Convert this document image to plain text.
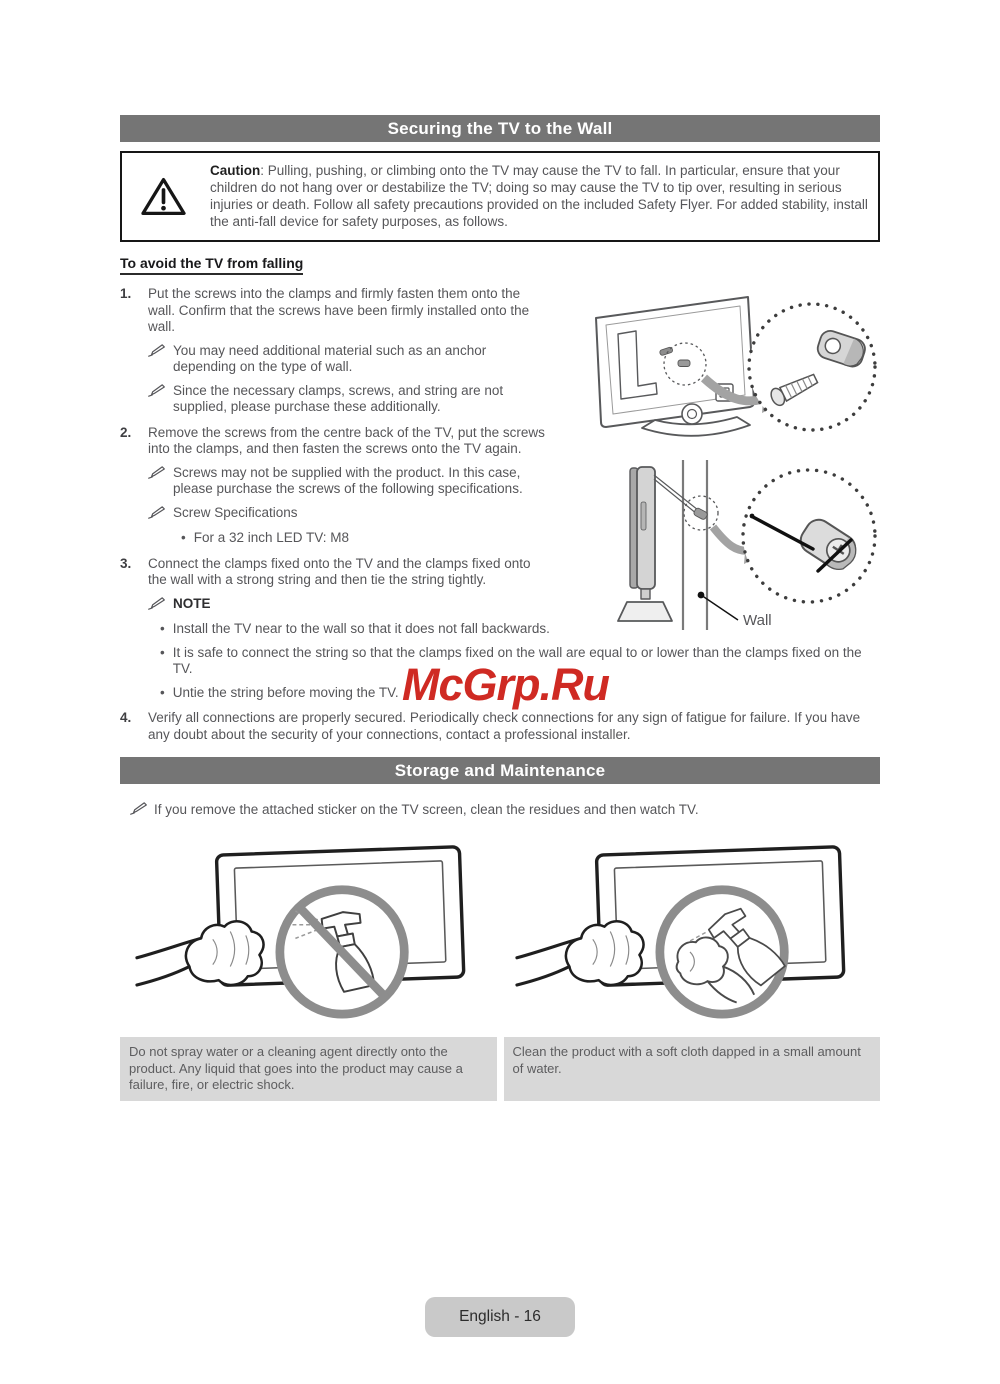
Securing the TV to the Wall

Caution: Pulling, pushing, or climbing onto the TV may cause the TV to fall. In particular, ensure that your children do not hang over or destabilize the TV; doing so may cause the TV to tip over, resulting in serious injuries or death. Follow all safety precautions provided on the included Safety Flyer. For added stability, install the anti-fall device for safety purposes, as follows.

To avoid the TV from falling
Wall
1.	Put the screws into the clamps and firmly fasten them onto the wall. Confirm that the screws have been firmly installed onto the wall.

You may need additional material such as an anchor depending on the type of wall.

Since the necessary clamps, screws, and string are not supplied, please purchase these additionally.

2.	Remove the screws from the centre back of the TV, put the screws into the clamps, and then fasten the screws onto the TV again.

Screws may not be supplied with the product. In this case, please purchase the screws of the following specifications.

Screw Specifications

• For a 32 inch LED TV: M8

3.	Connect the clamps fixed onto the TV and the clamps fixed onto the wall with a strong string and then tie the string tightly.

NOTE

• Install the TV near to the wall so that it does not fall backwards.

• It is safe to connect the string so that the clamps fixed on the wall are equal to or lower than the clamps fixed on the TV.

• Untie the string before moving the TV.

4.	Verify all connections are properly secured. Periodically check connections for any sign of fatigue for failure. If you have any doubt about the security of your connections, contact a professional installer.

Storage and Maintenance

If you remove the attached sticker on the TV screen, clean the residues and then watch TV.

Do not spray water or a cleaning agent directly onto the product. Any liquid that goes into the product may cause a failure, fire, or electric shock.
Clean the product with a soft cloth dapped in a small amount of water.
McGrp.Ru
English - 16
